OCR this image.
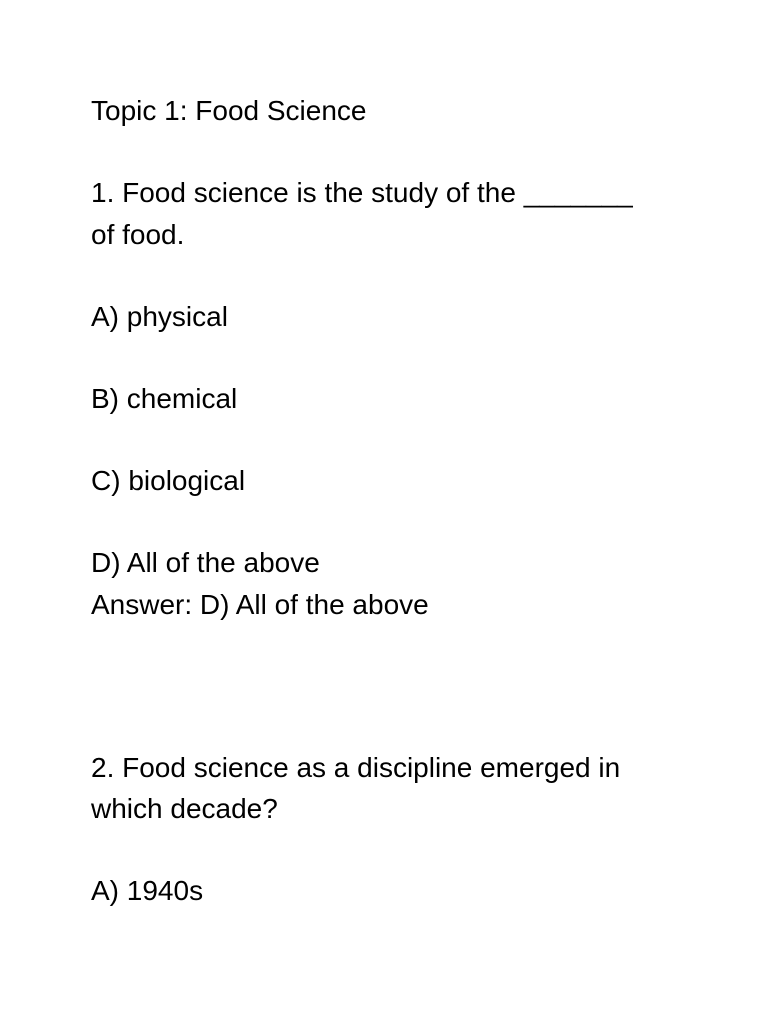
Topic 1: Food Science

1. Food science is the study of the _______

of food.

A) physical

B) chemical

C) biological

D) All of the above

Answer: D) All of the above

2. Food science as a discipline emerged in

which decade?

A) 1940s
